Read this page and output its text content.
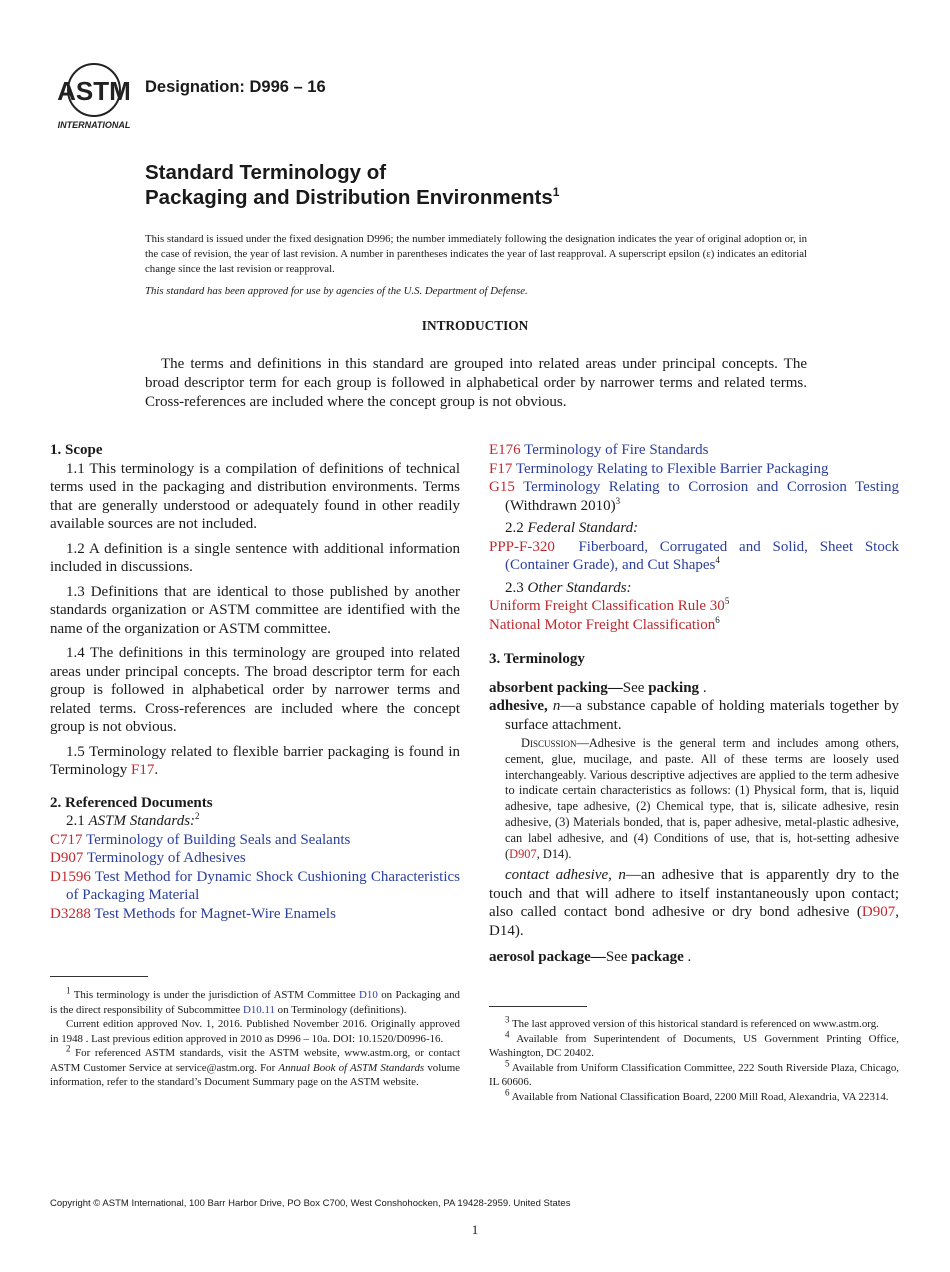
ASTM
INTERNATIONAL
Designation: D996 – 16
Standard Terminology of
Packaging and Distribution Environments$^1$
This standard is issued under the fixed designation D996; the number immediately following the designation indicates the year of original adoption or, in the case of revision, the year of last revision. A number in parentheses indicates the year of last reapproval. A superscript epsilon (ε) indicates an editorial change since the last revision or reapproval.
This standard has been approved for use by agencies of the U.S. Department of Defense.
INTRODUCTION
The terms and definitions in this standard are grouped into related areas under principal concepts. The broad descriptor term for each group is followed in alphabetical order by narrower terms and related terms. Cross-references are included where the concept group is not obvious.

1. Scope

1.1 This terminology is a compilation of definitions of technical terms used in the packaging and distribution environments. Terms that are generally understood or adequately found in other readily available sources are not included.

1.2 A definition is a single sentence with additional information included in discussions.

1.3 Definitions that are identical to those published by another standards organization or ASTM committee are identified with the name of the organization or ASTM committee.

1.4 The definitions in this terminology are grouped into related areas under principal concepts. The broad descriptor term for each group is followed in alphabetical order by narrower terms and related terms. Cross-references are included where the concept group is not obvious.

1.5 Terminology related to flexible barrier packaging is found in Terminology F17.

2. Referenced Documents

2.1 ASTM Standards:$^2$

C717 Terminology of Building Seals and Sealants

D907 Terminology of Adhesives

D1596 Test Method for Dynamic Shock Cushioning Characteristics of Packaging Material

D3288 Test Methods for Magnet-Wire Enamels

$^1$ This terminology is under the jurisdiction of ASTM Committee D10 on Packaging and is the direct responsibility of Subcommittee D10.11 on Terminology (definitions).

Current edition approved Nov. 1, 2016. Published November 2016. Originally approved in 1948 . Last previous edition approved in 2010 as D996 – 10a. DOI: 10.1520/D0996-16.

$^2$ For referenced ASTM standards, visit the ASTM website, www.astm.org, or contact ASTM Customer Service at service@astm.org. For Annual Book of ASTM Standards volume information, refer to the standard’s Document Summary page on the ASTM website.

E176 Terminology of Fire Standards

F17 Terminology Relating to Flexible Barrier Packaging

G15 Terminology Relating to Corrosion and Corrosion Testing (Withdrawn 2010)$^3$

2.2 Federal Standard:

PPP-F-320 Fiberboard, Corrugated and Solid, Sheet Stock (Container Grade), and Cut Shapes$^4$

2.3 Other Standards:

Uniform Freight Classification Rule $30^5$

National Motor Freight Classification$^6$

3. Terminology

absorbent packing—See packing .

adhesive, n—a substance capable of holding materials together by surface attachment.

Discussion—Adhesive is the general term and includes among others, cement, glue, mucilage, and paste. All of these terms are loosely used interchangeably. Various descriptive adjectives are applied to the term adhesive to indicate certain characteristics as follows: (1) Physical form, that is, liquid adhesive, tape adhesive, (2) Chemical type, that is, silicate adhesive, resin adhesive, (3) Materials bonded, that is, paper adhesive, metal-plastic adhesive, can label adhesive, and (4) Conditions of use, that is, hot-setting adhesive (D907, D14).

contact adhesive, n—an adhesive that is apparently dry to the touch and that will adhere to itself instantaneously upon contact; also called contact bond adhesive or dry bond adhesive (D907, D14).

aerosol package—See package .

$^3$ The last approved version of this historical standard is referenced on www.astm.org.

$^4$ Available from Superintendent of Documents, US Government Printing Office, Washington, DC 20402.

$^5$ Available from Uniform Classification Committee, 222 South Riverside Plaza, Chicago, IL 60606.

$^6$ Available from National Classification Board, 2200 Mill Road, Alexandria, VA 22314.

Copyright © ASTM International, 100 Barr Harbor Drive, PO Box C700, West Conshohocken, PA 19428-2959. United States
1
